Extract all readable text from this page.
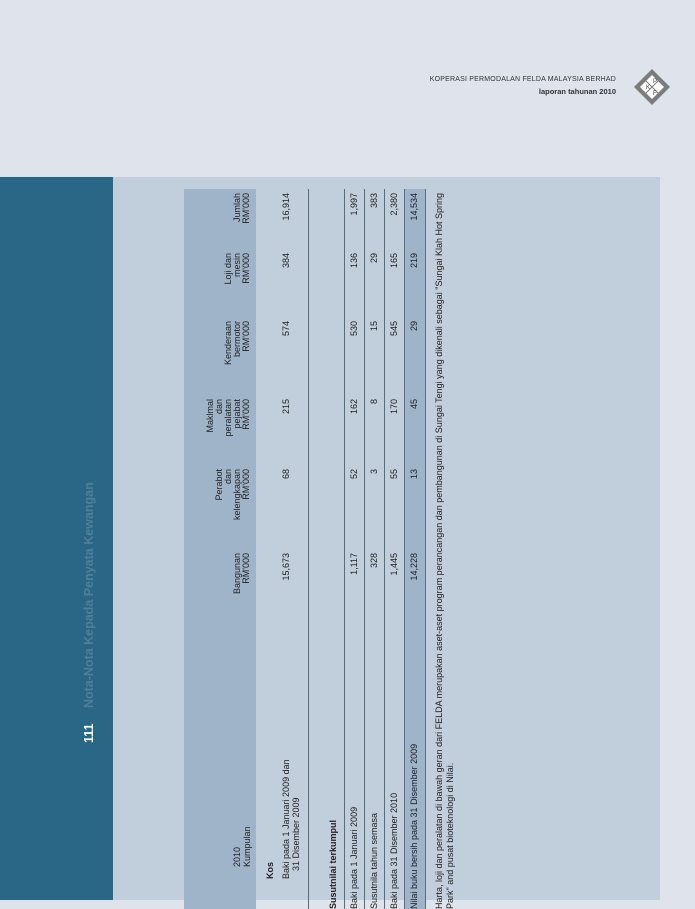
111 Nota-Nota Kepada Penyata Kewangan
KOPERASI PERMODALAN FELDA MALAYSIA BERHAD
laporan tahunan 2010	K
P
F
2010 Kumpulan
Bangunan RM'000
Perabot dan kelengkapan RM'000
Maklmal dan peralatan pejabat RM'000
Kenderaan bermotor RM'000
Loji dan mesin RM'000
Jumlah RM'000
Kos Baki pada 1 Januari 2009 dan 31 Disember 2009
15,673
68
215
574
384
16,914
Susutnilai terkumpul Baki pada 1 Januari 2009
1,117
52
162
530
136
1,997
Susutnila tahun semasa
328
3
8
15
29
383
Baki pada 31 Disember 2010
1,445
55
170
545
165
2,380
Nilai buku bersih pada 31 Disember 2009
14,228
13
45
29
219
14,534 Harta, loji dan peralatan di bawah geran dari FELDA merupakan aset-aset program perancangan dan pembangunan di Sungai Tengi yang dikenali sebagai "Sungai Klah Hot Spring Park" and pusat bioteknologi di Nilai.
